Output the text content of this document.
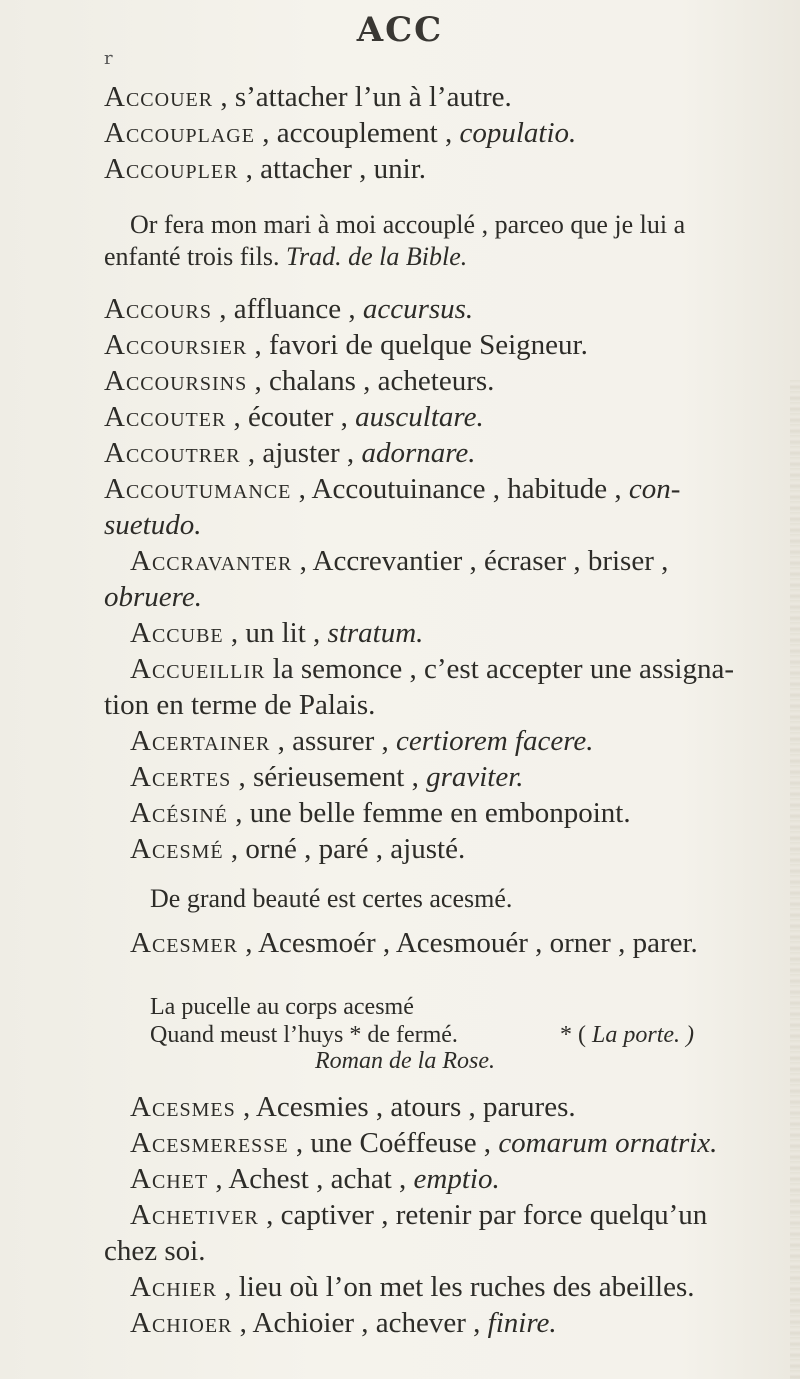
ACC
r
Accouer , s’attacher l’un à l’autre.
Accouplage , accouplement , copulatio.
Accoupler , attacher , unir.
Or fera mon mari à moi accouplé , parceo que je lui a
enfanté trois fils. Trad. de la Bible.
Accours , affluance , accursus.
Accoursier , favori de quelque Seigneur.
Accoursins , chalans , acheteurs.
Accouter , écouter , auscultare.
Accoutrer , ajuster , adornare.
Accoutumance , Accoutuinance , habitude , con-
suetudo.
Accravanter , Accrevantier , écraser , briser ,
obruere.
Accube , un lit , stratum.
Accueillir la semonce , c’est accepter une assigna-
tion en terme de Palais.
Acertainer , assurer , certiorem facere.
Acertes , sérieusement , graviter.
Acésiné , une belle femme en embonpoint.
Acesmé , orné , paré , ajusté.
De grand beauté est certes acesmé.
Acesmer , Acesmoér , Acesmouér , orner , parer.
La pucelle au corps acesmé
Quand meust l’huys * de fermé.	* ( La porte. )
Roman de la Rose.
Acesmes , Acesmies , atours , parures.
Acesmeresse , une Coéffeuse , comarum ornatrix.
Achet , Achest , achat , emptio.
Achetiver , captiver , retenir par force quelqu’un
chez soi.
Achier , lieu où l’on met les ruches des abeilles.
Achioer , Achioier , achever , finire.
